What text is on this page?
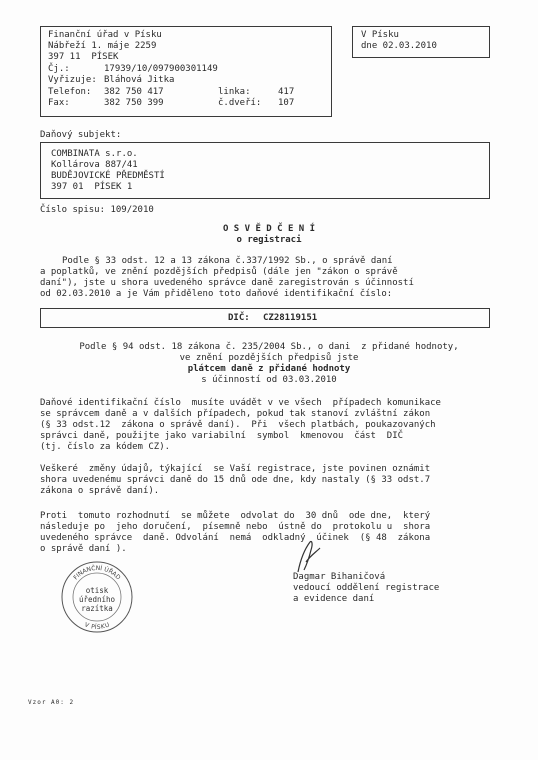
Finanční úřad v Písku
Nábřeží 1. máje 2259
397 11  PÍSEK
Čj.:	17939/10/097900301149
Vyřizuje: Bláhová Jitka
Telefon: 382 750 417	linka:	417
Fax:	382 750 399	č.dveří: 107
V Písku
dne 02.03.2010
Daňový subjekt:
COMBINATA s.r.o.
Kollárova 887/41
BUDĚJOVICKÉ PŘEDMĚSTÍ
397 01  PÍSEK 1
Číslo spisu: 109/2010
O S V Ě D Č E N Í
o registraci
Podle § 33 odst. 12 a 13 zákona č.337/1992 Sb., o správě daní
a poplatků, ve znění pozdějších předpisů (dále jen "zákon o správě
daní"), jste u shora uvedeného správce daně zaregistrován s účinností
od 02.03.2010 a je Vám přiděleno toto daňové identifikační číslo:
DIČ: CZ28119151
Podle § 94 odst. 18 zákona č. 235/2004 Sb., o dani  z přidané hodnoty,
ve znění pozdějších předpisů jste
plátcem daně z přidané hodnoty
s účinností od 03.03.2010
Daňové identifikační číslo  musíte uvádět v ve všech  případech komunikace
se správcem daně a v dalších případech, pokud tak stanoví zvláštní zákon
(§ 33 odst.12  zákona o správě daní).  Při  všech platbách, poukazovaných
správci daně, použijte jako variabilní  symbol  kmenovou  část  DIČ
(tj. číslo za kódem CZ).
Veškeré  změny údajů, týkající  se Vaší registrace, jste povinen oznámit
shora uvedenému správci daně do 15 dnů ode dne, kdy nastaly (§ 33 odst.7
zákona o správě daní).
Proti  tomuto rozhodnutí  se můžete  odvolat do  30 dnů  ode dne,  který
následuje po  jeho doručení,  písemně nebo  ústně do  protokolu u  shora
uvedeného správce  daně. Odvolání  nemá  odkladný  účinek  (§ 48  zákona
o správě daní ).
Dagmar Bihaničová
vedoucí oddělení registrace
a evidence daní
FINANČNÍ ÚŘAD
V PÍSKU
otisk
úředního
razítka
Vzor A0: 2
